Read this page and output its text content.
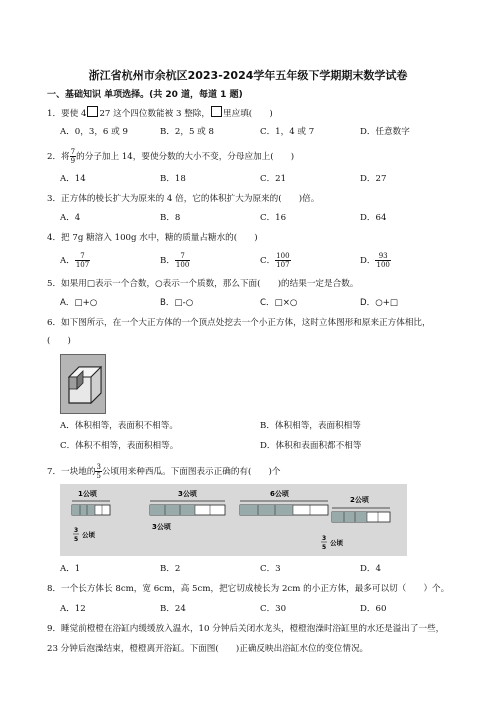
浙江省杭州市余杭区2023-2024学年五年级下学期期末数学试卷
一、基础知识 单项选择。(共 20 道，每道 1 题)
1．要使 4 27 这个四位数能被 3 整除， 里应填(　　)
A．0，3，6 或 9	B．2，5 或 8	C．1，4 或 7	D．任意数字
2．将 $\frac{7}{9}$ 的分子加上 14，要使分数的大小不变，分母应加上(　　)
A．14	B．18	C．21	D．27
3．正方体的棱长扩大为原来的 4 倍，它的体积扩大为原来的(　　)倍。
A．4	B．8	C．16	D．64
4．把 7g 糖溶入 100g 水中，糖的质量占糖水的(　　)
A． $\frac{7}{107}$	B． $\frac{7}{100}$	C． $\frac{100}{107}$	D． $\frac{93}{100}$
5．如果用□表示一个合数，○表示一个质数，那么下面(　　)的结果一定是合数。
A．□+○	B．□-○	C．□×○	D．○+□
6．如下图所示，在一个大正方体的一个顶点处挖去一个小正方体，这时立体图形和原来正方体相比，
(　　)
A．体积相等，表面积不相等。	B．体积相等，表面积相等
C．体积不相等，表面积相等。	D．体积和表面积都不相等
7．一块地的 $\frac{3}{5}$ 公顷用来种西瓜。下面图表示正确的有(　　)个
1公顷
3
5
公顷
3公顷
3公顷
6公顷
2公顷
3
5
公顷
A．1	B．2	C．3	D．4
8．一个长方体长 8cm，宽 6cm，高 5cm，把它切成棱长为 2cm 的小正方体，最多可以切（　　）个。
A．12	B．24	C．30	D．60
9．睡觉前橙橙在浴缸内缓缓放入温水，10 分钟后关闭水龙头，橙橙泡澡时浴缸里的水还是溢出了一些，
23 分钟后泡澡结束，橙橙离开浴缸。下面图(　　)正确反映出浴缸水位的变位情况。
